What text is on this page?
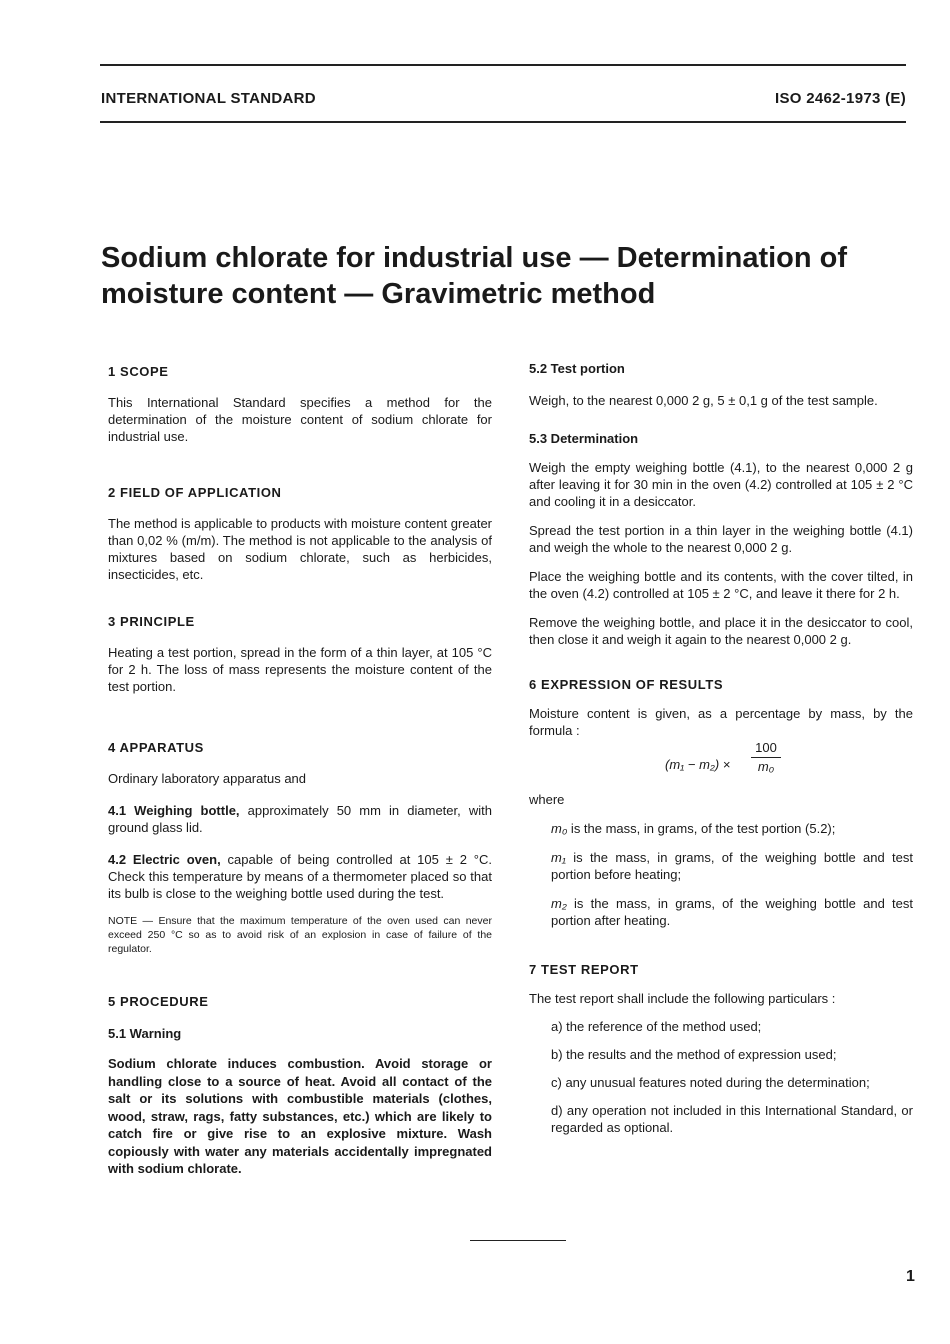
INTERNATIONAL STANDARD	ISO 2462-1973 (E)
Sodium chlorate for industrial use — Determination of
moisture content — Gravimetric method
1 SCOPE

This International Standard specifies a method for the determination of the moisture content of sodium chlorate for industrial use.

2 FIELD OF APPLICATION

The method is applicable to products with moisture content greater than 0,02 % (m/m). The method is not applicable to the analysis of mixtures based on sodium chlorate, such as herbicides, insecticides, etc.

3 PRINCIPLE

Heating a test portion, spread in the form of a thin layer, at 105 °C for 2 h. The loss of mass represents the moisture content of the test portion.

4 APPARATUS

Ordinary laboratory apparatus and

4.1 Weighing bottle, approximately 50 mm in diameter, with ground glass lid.

4.2 Electric oven, capable of being controlled at 105 ± 2 °C. Check this temperature by means of a thermometer placed so that its bulb is close to the weighing bottle used during the test.

NOTE — Ensure that the maximum temperature of the oven used can never exceed 250 °C so as to avoid risk of an explosion in case of failure of the regulator.

5 PROCEDURE
5.1 Warning

Sodium chlorate induces combustion. Avoid storage or handling close to a source of heat. Avoid all contact of the salt or its solutions with combustible materials (clothes, wood, straw, rags, fatty substances, etc.) which are likely to catch fire or give rise to an explosive mixture. Wash copiously with water any materials accidentally impregnated with sodium chlorate.

5.2 Test portion

Weigh, to the nearest 0,000 2 g, 5 ± 0,1 g of the test sample.

5.3 Determination

Weigh the empty weighing bottle (4.1), to the nearest 0,000 2 g after leaving it for 30 min in the oven (4.2) controlled at 105 ± 2 °C and cooling it in a desiccator.

Spread the test portion in a thin layer in the weighing bottle (4.1) and weigh the whole to the nearest 0,000 2 g.

Place the weighing bottle and its contents, with the cover tilted, in the oven (4.2) controlled at 105 ± 2 °C, and leave it there for 2 h.

Remove the weighing bottle, and place it in the desiccator to cool, then close it and weigh it again to the nearest 0,000 2 g.

6 EXPRESSION OF RESULTS

Moisture content is given, as a percentage by mass, by the formula :

$(m_1 - m_2) \times \frac{100}{\text{m₀}}$

where

m₀ is the mass, in grams, of the test portion (5.2);

m₁ is the mass, in grams, of the weighing bottle and test portion before heating;

m₂ is the mass, in grams, of the weighing bottle and test portion after heating.

7 TEST REPORT

The test report shall include the following particulars :

a) the reference of the method used;

b) the results and the method of expression used;

c) any unusual features noted during the determination;

d) any operation not included in this International Standard, or regarded as optional.

1
